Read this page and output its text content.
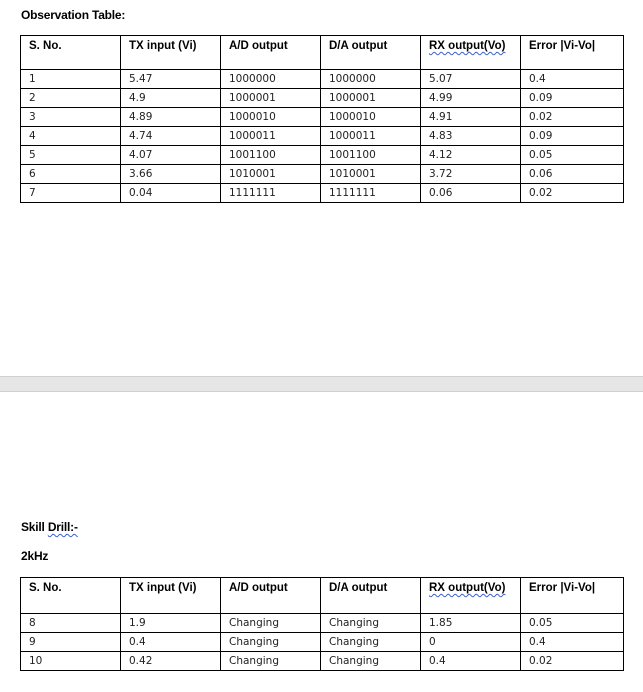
Observation Table:
S. No.	TX input (Vi)	A/D output	D/A output	RX output(Vo)	Error |Vi-Vo|
1	5.47	1000000	1000000	5.07	0.4
2	4.9	1000001	1000001	4.99	0.09
3	4.89	1000010	1000010	4.91	0.02
4	4.74	1000011	1000011	4.83	0.09
5	4.07	1001100	1001100	4.12	0.05
6	3.66	1010001	1010001	3.72	0.06
7	0.04	1111111	1111111	0.06	0.02
Skill Drill:-
2kHz
S. No.	TX input (Vi)	A/D output	D/A output	RX output(Vo)	Error |Vi-Vo|
8	1.9	Changing	Changing	1.85	0.05
9	0.4	Changing	Changing	0	0.4
10	0.42	Changing	Changing	0.4	0.02
